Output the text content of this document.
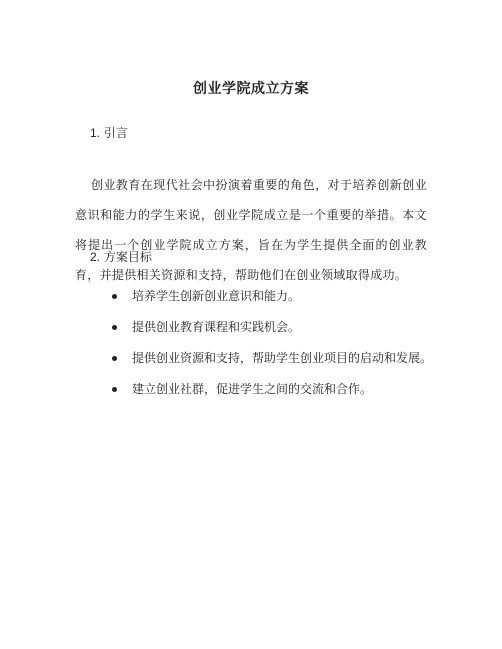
创业学院成立方案
1. 引言

创业教育在现代社会中扮演着重要的角色，对于培养创新创业意识和能力的学生来说，创业学院成立是一个重要的举措。本文将提出一个创业学院成立方案，旨在为学生提供全面的创业教育，并提供相关资源和支持，帮助他们在创业领域取得成功。

2. 方案目标
培养学生创新创业意识和能力。
提供创业教育课程和实践机会。
提供创业资源和支持，帮助学生创业项目的启动和发展。
建立创业社群，促进学生之间的交流和合作。
